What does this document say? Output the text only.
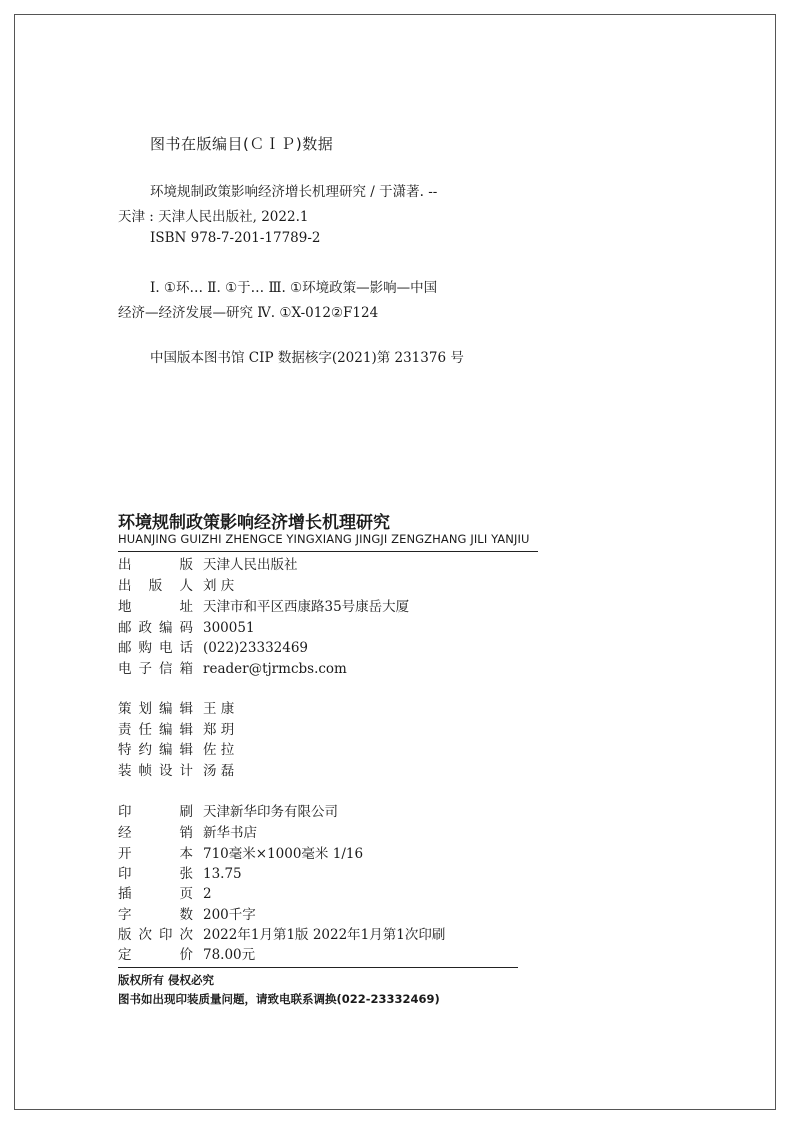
图书在版编目(ＣＩＰ)数据
环境规制政策影响经济增长机理研究 / 于潇著. --
天津 : 天津人民出版社, 2022.1
ISBN 978-7-201-17789-2
Ⅰ. ①环… Ⅱ. ①于… Ⅲ. ①环境政策—影响—中国
经济—经济发展—研究 Ⅳ. ①X-012②F124
中国版本图书馆 CIP 数据核字(2021)第 231376 号
环境规制政策影响经济增长机理研究
HUANJING GUIZHI ZHENGCE YINGXIANG JINGJI ZENGZHANG JILI YANJIU
出版 天津人民出版社
出版人 刘 庆
地址 天津市和平区西康路35号康岳大厦
邮政编码 300051
邮购电话 (022)23332469
电子信箱 reader@tjrmcbs.com
策划编辑 王 康
责任编辑 郑 玥
特约编辑 佐 拉
装帧设计 汤 磊
印刷 天津新华印务有限公司
经销 新华书店
开本 710毫米×1000毫米 1/16
印张 13.75
插页 2
字数 200千字
版次印次 2022年1月第1版 2022年1月第1次印刷
定价 78.00元
版权所有 侵权必究
图书如出现印装质量问题，请致电联系调换(022-23332469)
